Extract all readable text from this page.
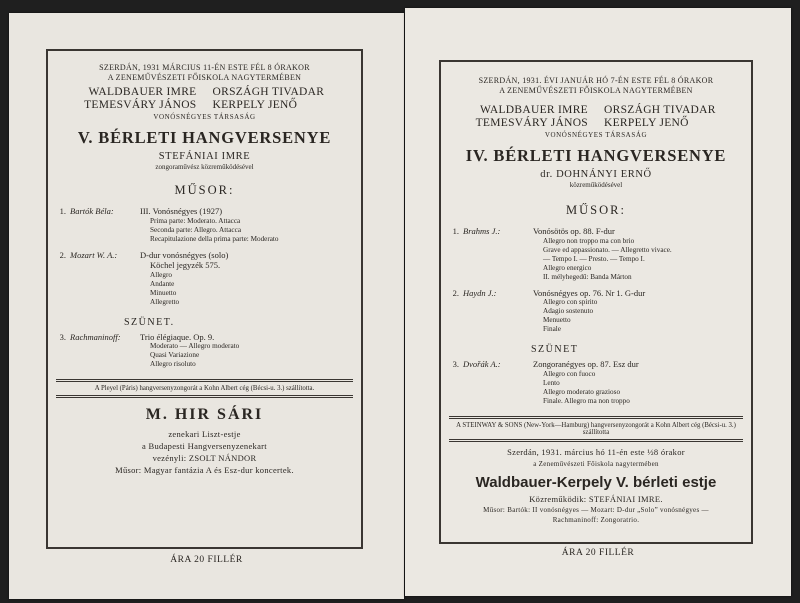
SZERDÁN, 1931 MÁRCIUS 11-ÉN ESTE FÉL 8 ÓRAKOR
A ZENEMŰVÉSZETI FŐISKOLA NAGYTERMÉBEN
WALDBAUER IMRE ORSZÁGH TIVADAR
TEMESVÁRY JÁNOS KERPELY JENŐ
VONÓSNÉGYES TÁRSASÁG
V. BÉRLETI HANGVERSENYE
STEFÁNIAI IMRE
zongoraművész közreműködésével
MŰSOR:
1. Bartók Béla:	III. Vonósnégyes (1927)
Prima parte: Moderato. Attacca
Seconda parte: Allegro. Attacca
Recapitulazione della prima parte: Moderato
2. Mozart W. A.:	D-dur vonósnégyes (solo)
Köchel jegyzék 575.
Allegro
Andante
Minuetto
Allegretto
SZÜNET.
3. Rachmaninoff:	Trio élégiaque. Op. 9.
Moderato — Allegro moderato
Quasi Variazione
Allegro risoluto
A Pleyel (Páris) hangversenyzongorát a Kohn Albert cég (Bécsi-u. 3.) szállította.
M. HIR SÁRI
zenekari Liszt-estje
a Budapesti Hangversenyzenekart
vezényli: ZSOLT NÁNDOR
Műsor: Magyar fantázia A és Esz-dur koncertek.
ÁRA 20 FILLÉR
SZERDÁN, 1931. ÉVI JANUÁR HÓ 7-ÉN ESTE FÉL 8 ÓRAKOR
A ZENEMŰVÉSZETI FŐISKOLA NAGYTERMÉBEN
WALDBAUER IMRE ORSZÁGH TIVADAR
TEMESVÁRY JÁNOS KERPELY JENŐ
VONÓSNÉGYES TÁRSASÁG
IV. BÉRLETI HANGVERSENYE
dr. DOHNÁNYI ERNŐ
közreműködésével
MŰSOR:
1. Brahms J.:	Vonósötös op. 88. F-dur
Allegro non troppo ma con brio
Grave ed appassionato. — Allegretto vivace.
— Tempo I. — Presto. — Tempo I.
Allegro energico
II. mélyhegedű: Banda Márton
2. Haydn J.:	Vonósnégyes op. 76. Nr 1. G-dur
Allegro con spirito
Adagio sostenuto
Menuetto
Finale
SZÜNET
3. Dvořák A.:	Zongoranégyes op. 87. Esz dur
Allegro con fuoco
Lento
Allegro moderato grazioso
Finale. Allegro ma non troppo
A STEINWAY & SONS (New-York—Hamburg) hangversenyzongorát a Kohn Albert cég (Bécsi-u. 3.) szállította
Szerdán, 1931. március hó 11-én este ½8 órakor
a Zeneművészeti Főiskola nagytermében
Waldbauer-Kerpely V. bérleti estje
Közreműködik: STEFÁNIAI IMRE.
Műsor: Bartók: II vonósnégyes — Mozart: D-dur „Solo” vonósnégyes —
Rachmaninoff: Zongoratrio.
ÁRA 20 FILLÉR
